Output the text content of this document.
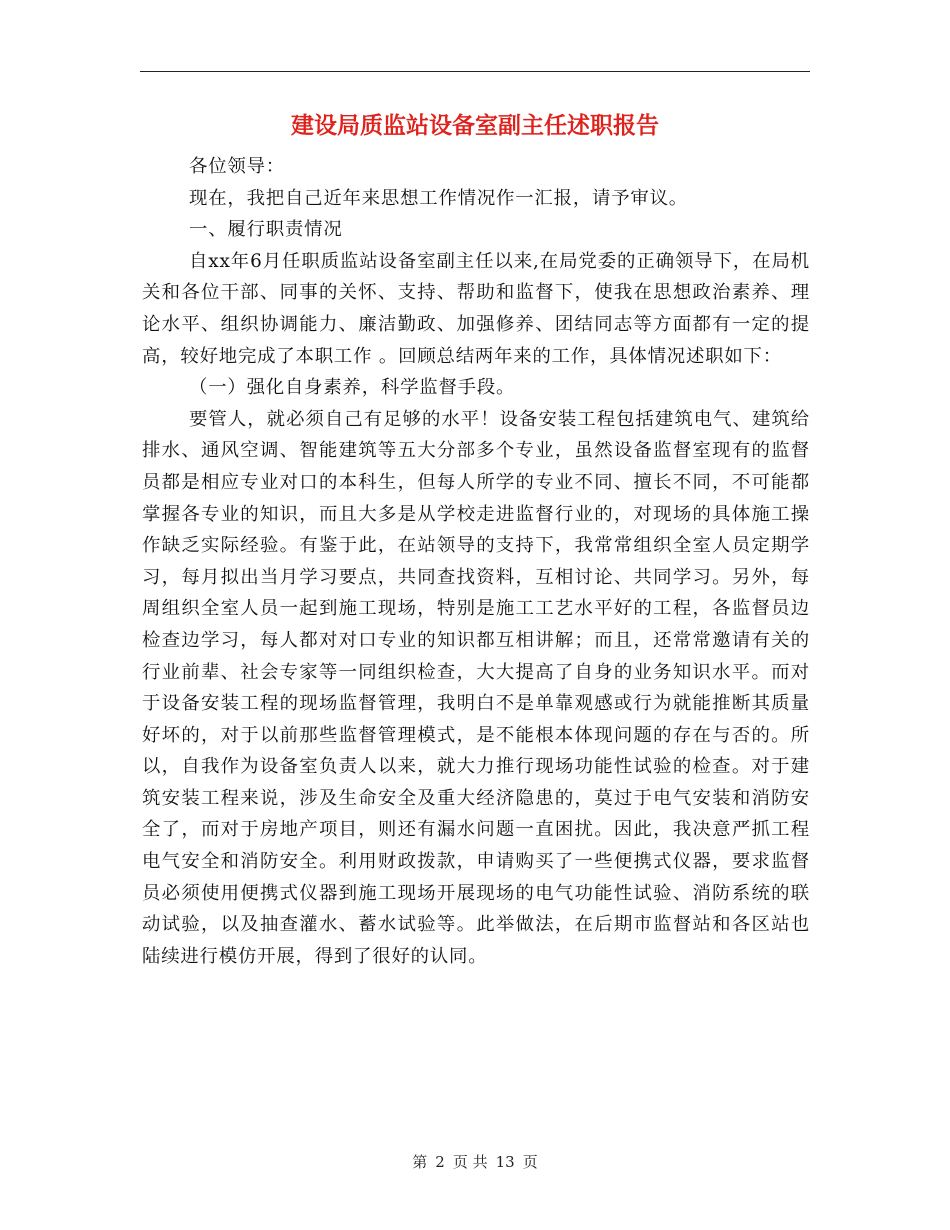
建设局质监站设备室副主任述职报告

各位领导：

现在，我把自己近年来思想工作情况作一汇报，请予审议。

一、履行职责情况

自xx年6月任职质监站设备室副主任以来,在局党委的正确领导下，在局机关和各位干部、同事的关怀、支持、帮助和监督下，使我在思想政治素养、理论水平、组织协调能力、廉洁勤政、加强修养、团结同志等方面都有一定的提高，较好地完成了本职工作 。回顾总结两年来的工作，具体情况述职如下：

（一）强化自身素养，科学监督手段。

要管人，就必须自己有足够的水平！设备安装工程包括建筑电气、建筑给排水、通风空调、智能建筑等五大分部多个专业，虽然设备监督室现有的监督员都是相应专业对口的本科生，但每人所学的专业不同、擅长不同，不可能都掌握各专业的知识，而且大多是从学校走进监督行业的，对现场的具体施工操作缺乏实际经验。有鉴于此，在站领导的支持下，我常常组织全室人员定期学习，每月拟出当月学习要点，共同查找资料，互相讨论、共同学习。另外，每周组织全室人员一起到施工现场，特别是施工工艺水平好的工程，各监督员边检查边学习，每人都对对口专业的知识都互相讲解；而且，还常常邀请有关的行业前辈、社会专家等一同组织检查，大大提高了自身的业务知识水平。而对于设备安装工程的现场监督管理，我明白不是单靠观感或行为就能推断其质量好坏的，对于以前那些监督管理模式，是不能根本体现问题的存在与否的。所以，自我作为设备室负责人以来，就大力推行现场功能性试验的检查。对于建筑安装工程来说，涉及生命安全及重大经济隐患的，莫过于电气安装和消防安全了，而对于房地产项目，则还有漏水问题一直困扰。因此，我决意严抓工程电气安全和消防安全。利用财政拨款，申请购买了一些便携式仪器，要求监督员必须使用便携式仪器到施工现场开展现场的电气功能性试验、消防系统的联动试验，以及抽查灌水、蓄水试验等。此举做法，在后期市监督站和各区站也陆续进行模仿开展，得到了很好的认同。

第 2 页 共 13 页
